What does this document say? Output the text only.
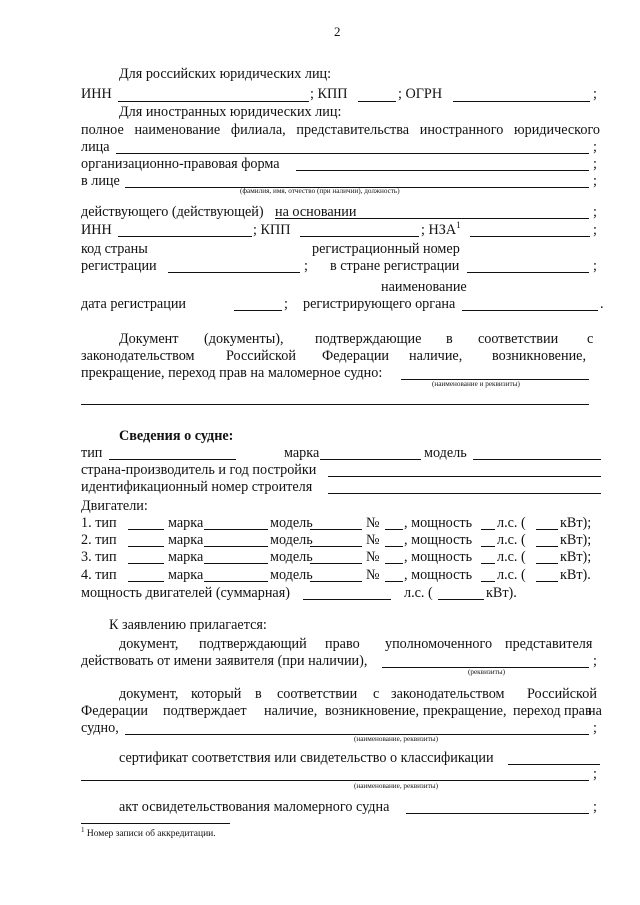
2
Для российских юридических лиц:
ИНН	; КПП	; ОГРН	;
Для иностранных юридических лиц:
полное наименование филиала, представительства иностранного юридического
лица	;
организационно-правовая форма	;
в лице	;
(фамилия, имя, отчество (при наличии), должность)
действующего (действующей) на основании	;
ИНН	; КПП	; НЗА$^1$	;
код страны
регистрации	;
регистрационный номер
в стране регистрации	;
наименование
дата регистрации	; регистрирующего органа	.
Документ (документы), подтверждающие в соответствии с
законодательством Российской Федерации наличие, возникновение,
прекращение, переход прав на маломерное судно:
(наименование и реквизиты)
Сведения о судне:
тип	марка	модель
страна-производитель и год постройки
идентификационный номер строителя
Двигатели:
1. тип	марка	модель	№ , мощность л.с. ( кВт);
2. тип	марка	модель	№ , мощность л.с. ( кВт);
3. тип	марка	модель	№ , мощность л.с. ( кВт);
4. тип	марка	модель	№ , мощность л.с. ( кВт).
мощность двигателей (суммарная)	л.с. (	кВт).
К заявлению прилагается:
документ, подтверждающий право уполномоченного представителя
действовать от имени заявителя (при наличии),	;
(реквизиты)
документ, который в соответствии с законодательством Российской
Федерации подтверждает наличие, возникновение, прекращение, переход прав
на
судно,	;
(наименование, реквизиты)
сертификат соответствия или свидетельство о классификации
;
(наименование, реквизиты)
акт освидетельствования маломерного судна	;
$^1$ Номер записи об аккредитации.
